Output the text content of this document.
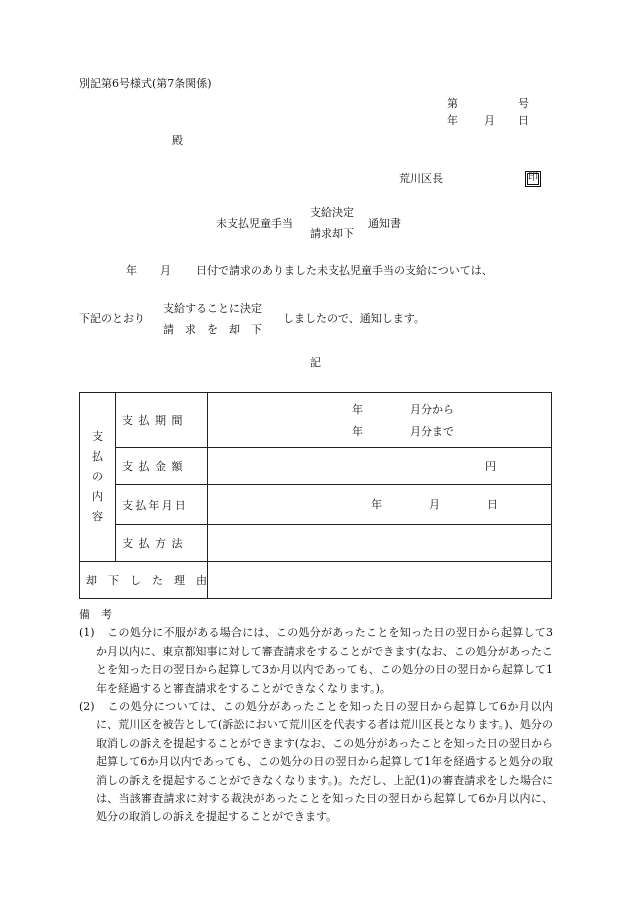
別記第6号様式(第7条関係)
第	号
年 月 日
殿
荒川区長	印
未支払児童手当
支給決定
請求却下
通知書
年 月 日付で請求のありました未支払児童手当の支給については、
下記のとおり
支給することに決定
請　求　を　却　下
しましたので、通知します。
記
支
払
の
内
容	支払期間	年 月分から
年 月分まで

	支払金額	円

	支払年月日	年 月 日

	支払方法	
却　下　し　た　理　由		
備　考
(1) 　この処分に不服がある場合には、この処分があったことを知った日の翌日から起算して3か月以内に、東京都知事に対して審査請求をすることができます(なお、この処分があったことを知った日の翌日から起算して3か月以内であっても、この処分の日の翌日から起算して1年を経過すると審査請求をすることができなくなります。)。
(2) 　この処分については、この処分があったことを知った日の翌日から起算して6か月以内に、荒川区を被告として(訴訟において荒川区を代表する者は荒川区長となります。)、処分の取消しの訴えを提起することができます(なお、この処分があったことを知った日の翌日から起算して6か月以内であっても、この処分の日の翌日から起算して1年を経過すると処分の取消しの訴えを提起することができなくなります。)。ただし、上記(1)の審査請求をした場合には、当該審査請求に対する裁決があったことを知った日の翌日から起算して6か月以内に、処分の取消しの訴えを提起することができます。
